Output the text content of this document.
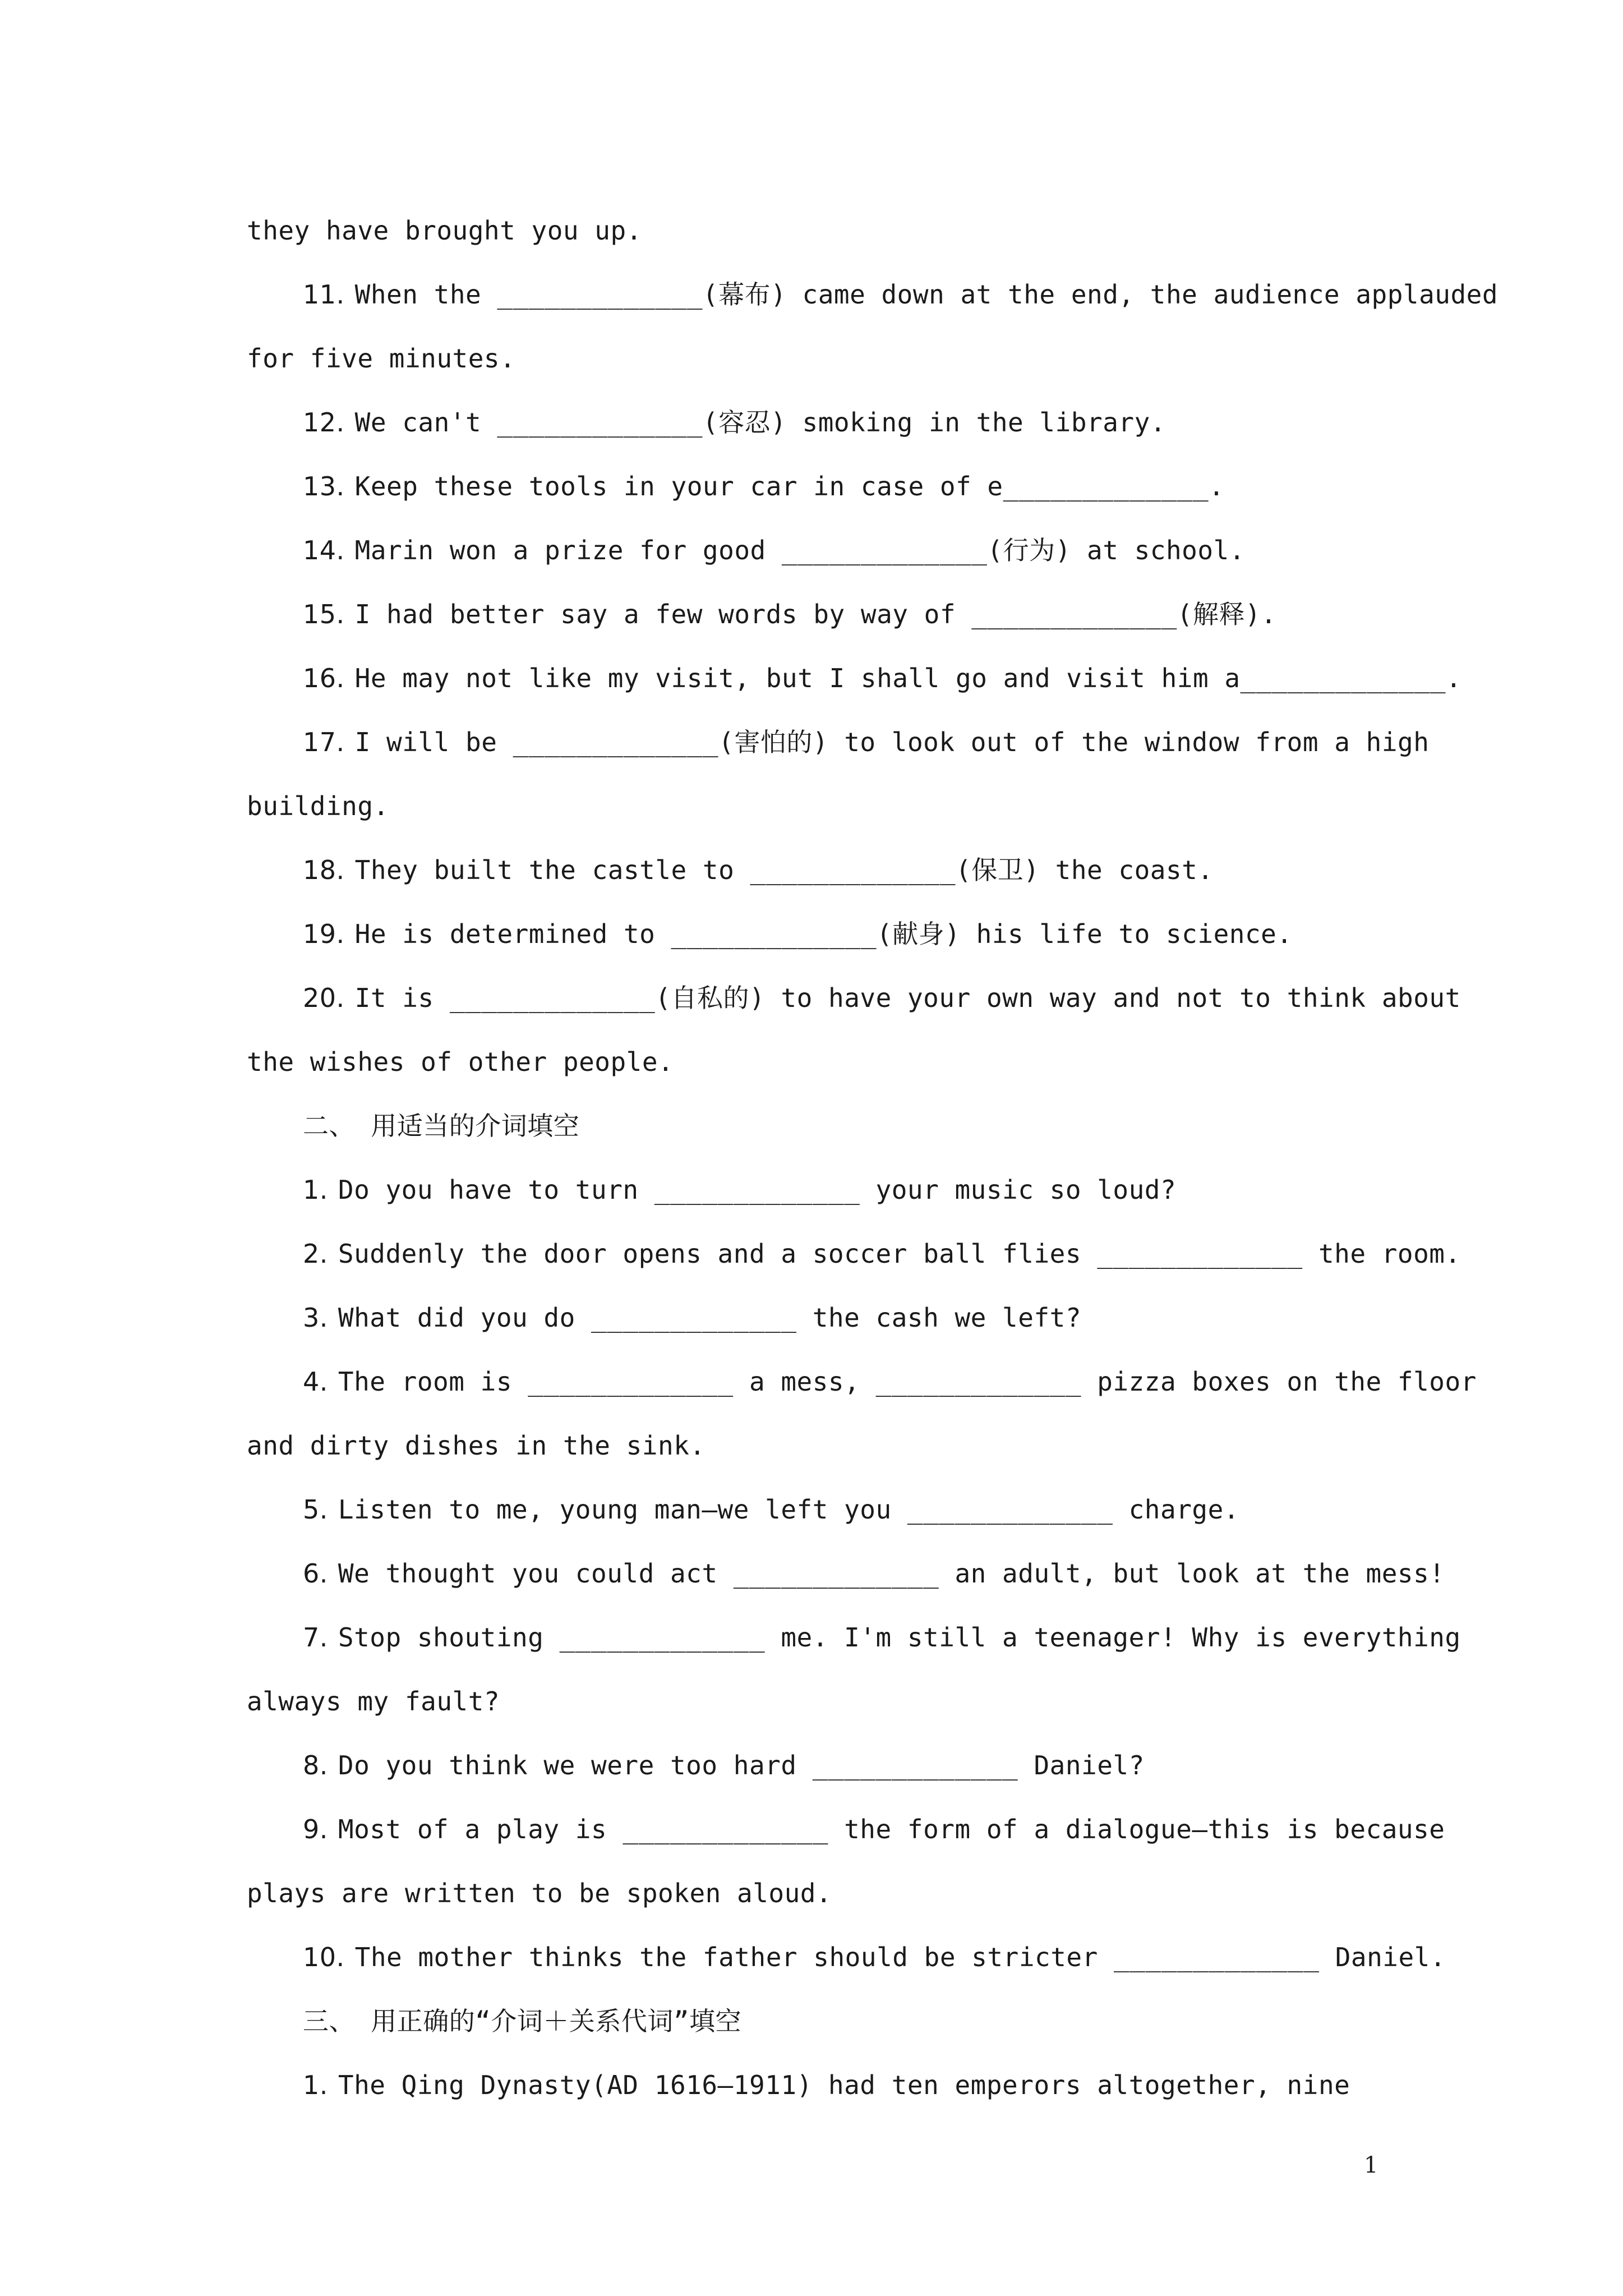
they have brought you up.
11. When the _____________(幕布) came down at the end, the audience applauded
for five minutes.
12. We can't _____________(容忍) smoking in the library.
13. Keep these tools in your car in case of e_____________.
14. Marin won a prize for good _____________(行为) at school.
15. I had better say a few words by way of _____________(解释).
16. He may not like my visit, but I shall go and visit him a_____________.
17. I will be _____________(害怕的) to look out of the window from a high
building.
18. They built the castle to _____________(保卫) the coast.
19. He is determined to _____________(献身) his life to science.
20. It is _____________(自私的) to have your own way and not to think about
the wishes of other people.
二、 用适当的介词填空
1. Do you have to turn _____________ your music so loud?
2. Suddenly the door opens and a soccer ball flies _____________ the room.
3. What did you do _____________ the cash we left?
4. The room is _____________ a mess, _____________ pizza boxes on the floor
and dirty dishes in the sink.
5. Listen to me, young man—we left you _____________ charge.
6. We thought you could act _____________ an adult, but look at the mess!
7. Stop shouting _____________ me. I'm still a teenager! Why is everything
always my fault?
8. Do you think we were too hard _____________ Daniel?
9. Most of a play is _____________ the form of a dialogue—this is because
plays are written to be spoken aloud.
10. The mother thinks the father should be stricter _____________ Daniel.
三、 用正确的“介词＋关系代词”填空
1. The Qing Dynasty(AD 1616—1911) had ten emperors altogether, nine
1
